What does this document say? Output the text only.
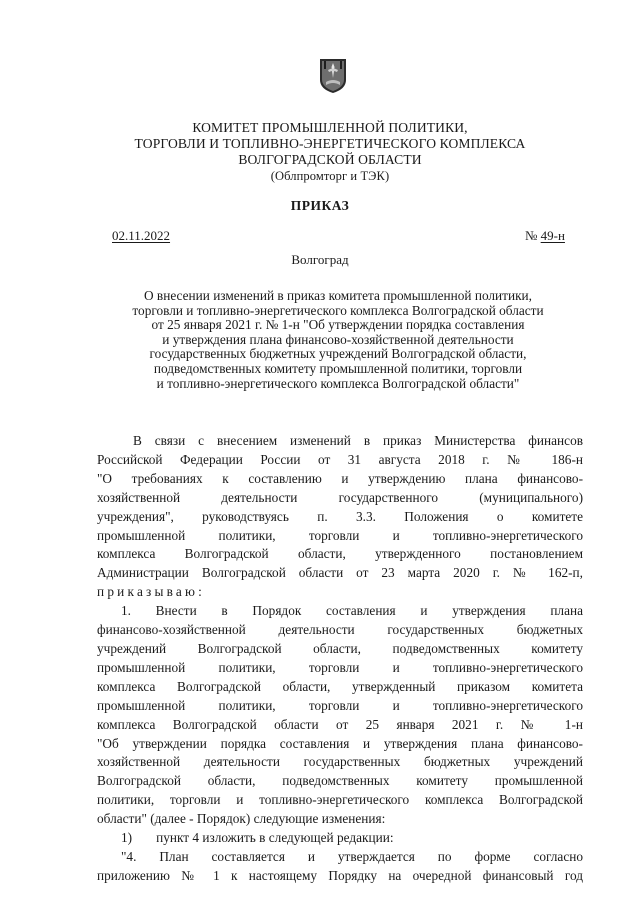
КОМИТЕТ ПРОМЫШЛЕННОЙ ПОЛИТИКИ,
ТОРГОВЛИ И ТОПЛИВНО-ЭНЕРГЕТИЧЕСКОГО КОМПЛЕКСА
ВОЛГОГРАДСКОЙ ОБЛАСТИ
(Облпромторг и ТЭК)
ПРИКАЗ
02.11.2022	№ 49-н
Волгоград
О внесении изменений в приказ комитета промышленной политики,
торговли и топливно-энергетического комплекса Волгоградской области
от 25 января 2021 г. № 1-н "Об утверждении порядка составления
и утверждения плана финансово-хозяйственной деятельности
государственных бюджетных учреждений Волгоградской области,
подведомственных комитету промышленной политики, торговли
и топливно-энергетического комплекса Волгоградской области"

В связи с внесением изменений в приказ Министерства финансов

Российской Федерации России от 31 августа 2018 г. № 186-н

"О требованиях к составлению и утверждению плана финансово-

хозяйственной деятельности государственного (муниципального)

учреждения", руководствуясь п. 3.3. Положения о комитете

промышленной политики, торговли и топливно-энергетического

комплекса Волгоградской области, утвержденного постановлением

Администрации Волгоградской области от 23 марта 2020 г. № 162-п,

приказываю:

1. Внести в Порядок составления и утверждения плана

финансово-хозяйственной деятельности государственных бюджетных

учреждений Волгоградской области, подведомственных комитету

промышленной политики, торговли и топливно-энергетического

комплекса Волгоградской области, утвержденный приказом комитета

промышленной политики, торговли и топливно-энергетического

комплекса Волгоградской области от 25 января 2021 г. № 1-н

"Об утверждении порядка составления и утверждения плана финансово-

хозяйственной деятельности государственных бюджетных учреждений

Волгоградской области, подведомственных комитету промышленной

политики, торговли и топливно-энергетического комплекса Волгоградской

области" (далее - Порядок) следующие изменения:

1) пункт 4 изложить в следующей редакции:

"4. План составляется и утверждается по форме согласно

приложению № 1 к настоящему Порядку на очередной финансовый год
